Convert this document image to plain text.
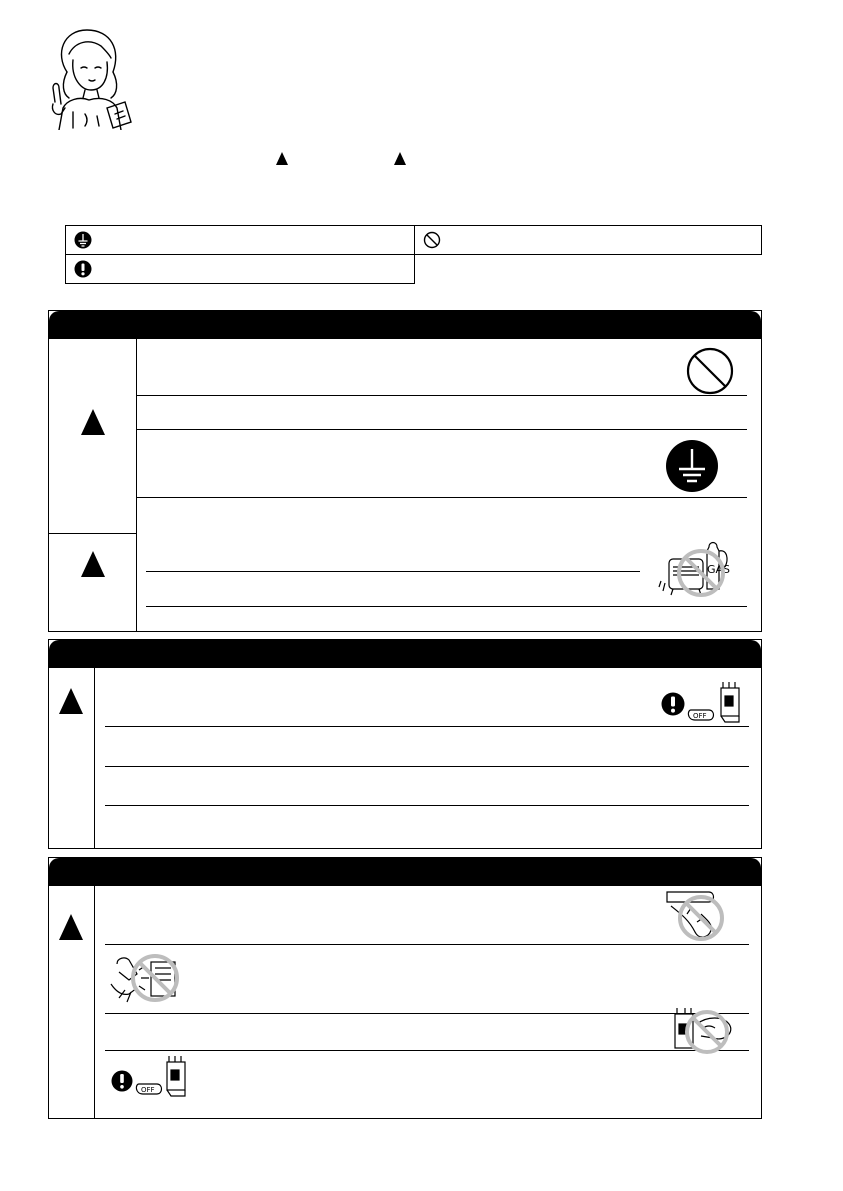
GAS
OFF
OFF
